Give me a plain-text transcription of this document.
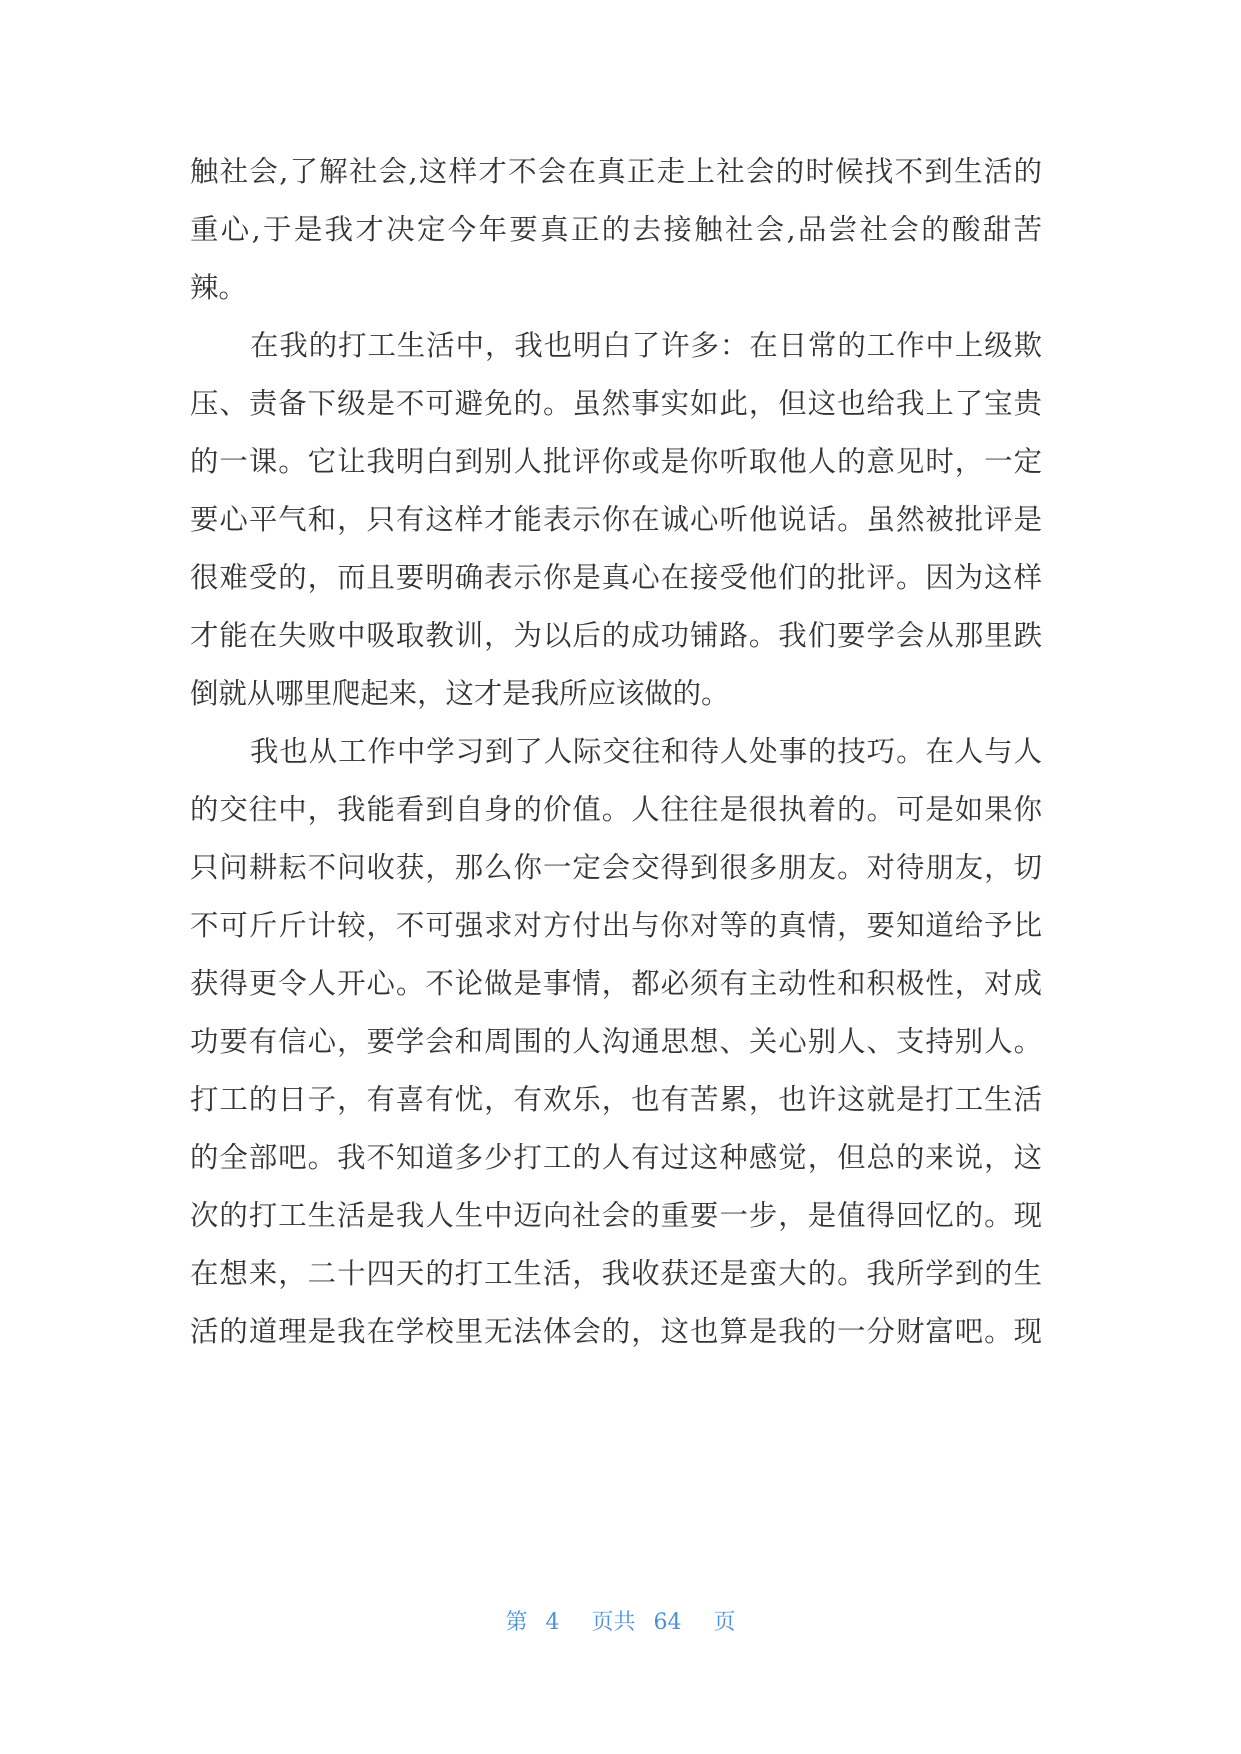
触社会,了解社会,这样才不会在真正走上社会的时候找不到生活的
重心,于是我才决定今年要真正的去接触社会,品尝社会的酸甜苦
辣。
在我的打工生活中，我也明白了许多：在日常的工作中上级欺
压、责备下级是不可避免的。虽然事实如此，但这也给我上了宝贵
的一课。它让我明白到别人批评你或是你听取他人的意见时，一定
要心平气和，只有这样才能表示你在诚心听他说话。虽然被批评是
很难受的，而且要明确表示你是真心在接受他们的批评。因为这样
才能在失败中吸取教训，为以后的成功铺路。我们要学会从那里跌
倒就从哪里爬起来，这才是我所应该做的。
我也从工作中学习到了人际交往和待人处事的技巧。在人与人
的交往中，我能看到自身的价值。人往往是很执着的。可是如果你
只问耕耘不问收获，那么你一定会交得到很多朋友。对待朋友，切
不可斤斤计较，不可强求对方付出与你对等的真情，要知道给予比
获得更令人开心。不论做是事情，都必须有主动性和积极性，对成
功要有信心，要学会和周围的人沟通思想、关心别人、支持别人。
打工的日子，有喜有忧，有欢乐，也有苦累，也许这就是打工生活
的全部吧。我不知道多少打工的人有过这种感觉，但总的来说，这
次的打工生活是我人生中迈向社会的重要一步，是值得回忆的。现
在想来，二十四天的打工生活，我收获还是蛮大的。我所学到的生
活的道理是我在学校里无法体会的，这也算是我的一分财富吧。现
第 4 页共 64 页
